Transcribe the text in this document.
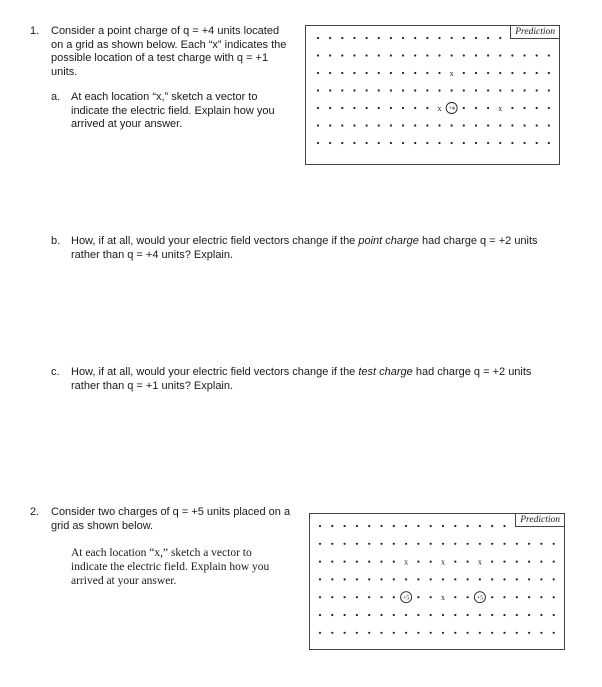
1. Consider a point charge of q = +4 units located

on a grid as shown below. Each “x” indicates the

possible location of a test charge with q = +1

units.

a. At each location “x,” sketch a vector to

indicate the electric field. Explain how you

arrived at your answer.

x
x	x
+4
Prediction
b. How, if at all, would your electric field vectors change if the point charge had charge q = +2 units

rather than q = +4 units? Explain.

c. How, if at all, would your electric field vectors change if the test charge had charge q = +2 units

rather than q = +1 units? Explain.

2. Consider two charges of q = +5 units placed on a

grid as shown below.

At each location “x,” sketch a vector to

indicate the electric field. Explain how you

arrived at your answer.

x	x	x
x
+5	+5
Prediction
